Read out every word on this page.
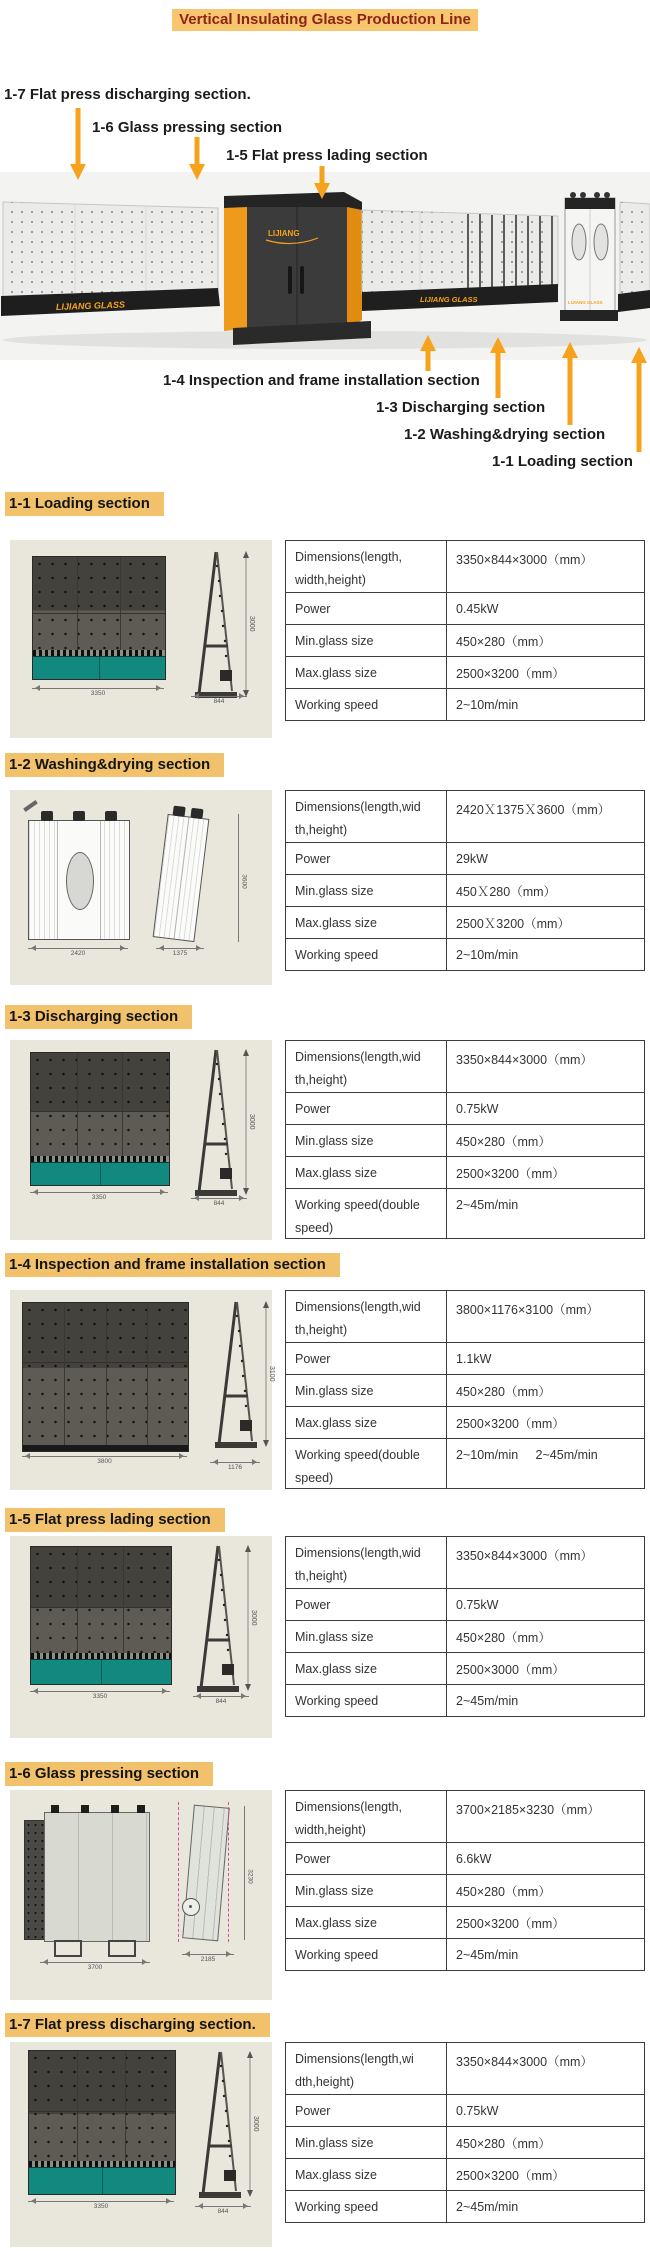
Vertical Insulating Glass Production Line
1-7 Flat press discharging section.
1-6 Glass pressing section
1-5 Flat press lading section
1-4 Inspection and frame installation section
1-3 Discharging section
1-2 Washing&drying section
1-1 Loading section
LIJIANG GLASS
LIJIANG
LIJIANG GLASS	LIJIANG GLASS
1-1 Loading section
3350
3000
844
Dimensions(length,
width,height)	3350×844×3000（mm）

Power	0.45kW

Min.glass size	450×280（mm）

Max.glass size	2500×3200（mm）

Working speed	2~10m/min
1-2 Washing&drying section
3600
2420	1375
Dimensions(length,wid
th,height)	2420Ｘ1375Ｘ3600（mm）

Power	29kW

Min.glass size	450Ｘ280（mm）

Max.glass size	2500Ｘ3200（mm）

Working speed	2~10m/min
1-3 Discharging section
3350
3000
844
Dimensions(length,wid
th,height)	3350×844×3000（mm）

Power	0.75kW

Min.glass size	450×280（mm）

Max.glass size	2500×3200（mm）

Working speed(double
speed)	2~45m/min
1-4 Inspection and frame installation section
3800
3100
1176
Dimensions(length,wid
th,height)	3800×1176×3100（mm）

Power	1.1kW

Min.glass size	450×280（mm）

Max.glass size	2500×3200（mm）

Working speed(double
speed)	2~10m/min     2~45m/min
1-5 Flat press lading section
3350
3000
844
Dimensions(length,wid
th,height)	3350×844×3000（mm）

Power	0.75kW

Min.glass size	450×280（mm）

Max.glass size	2500×3000（mm）

Working speed	2~45m/min
1-6 Glass pressing section
3230
3700
2185
Dimensions(length,
width,height)	3700×2185×3230（mm）

Power	6.6kW

Min.glass size	450×280（mm）

Max.glass size	2500×3200（mm）

Working speed	2~45m/min
1-7 Flat press discharging section.
3350
3000
844
Dimensions(length,wi
dth,height)	3350×844×3000（mm）

Power	0.75kW

Min.glass size	450×280（mm）

Max.glass size	2500×3200（mm）

Working speed	2~45m/min
